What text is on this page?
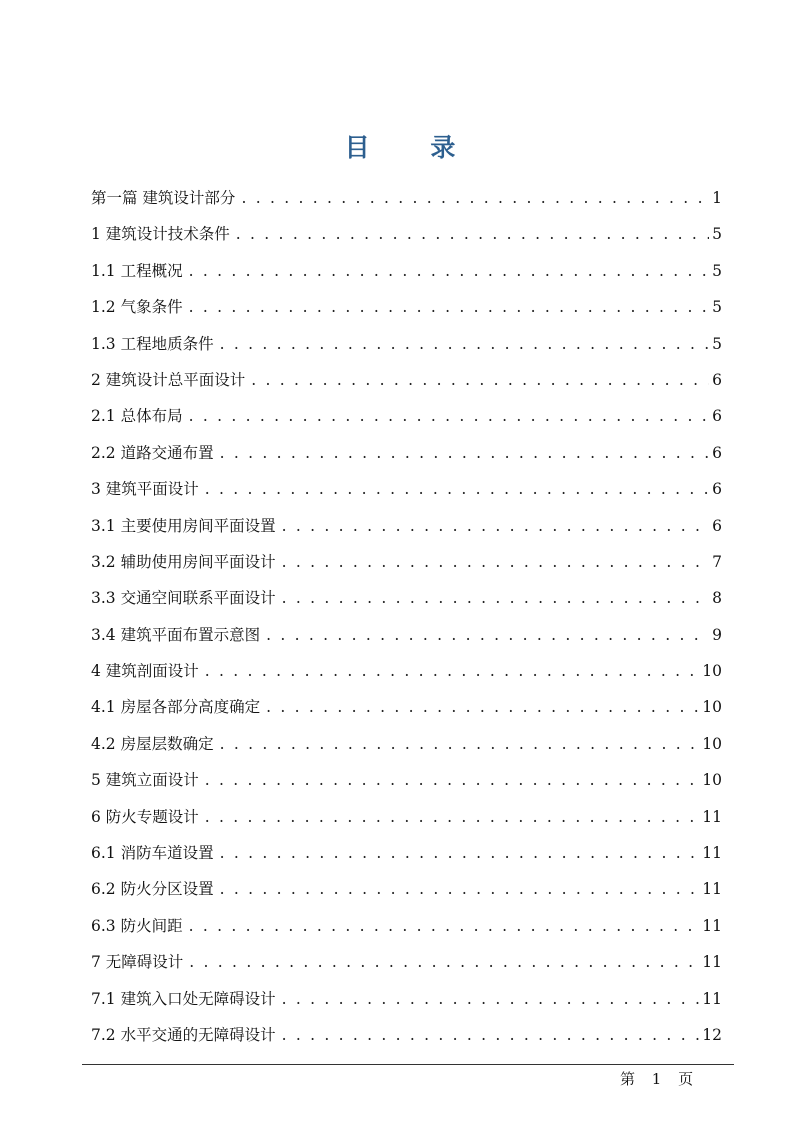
目 录
第一篇 建筑设计部分 . . .	1
1 建筑设计技术条件 . . .	5
1.1 工程概况 . . .	5
1.2 气象条件 . . .	5
1.3 工程地质条件 . . .	5
2 建筑设计总平面设计 . . .	6
2.1 总体布局 . . .	6
2.2 道路交通布置 . . .	6
3 建筑平面设计 . . .	6
3.1 主要使用房间平面设置 . . .	6
3.2 辅助使用房间平面设计 . . .	7
3.3 交通空间联系平面设计 . . .	8
3.4 建筑平面布置示意图 . . .	9
4 建筑剖面设计 . . .	10
4.1 房屋各部分高度确定 . . .	10
4.2 房屋层数确定 . . .	10
5 建筑立面设计 . . .	10
6 防火专题设计 . . .	11
6.1 消防车道设置 . . .	11
6.2 防火分区设置 . . .	11
6.3 防火间距 . . .	11
7 无障碍设计 . . .	11
7.1 建筑入口处无障碍设计 . . .	11
7.2 水平交通的无障碍设计 . . .	12
第 1 页
